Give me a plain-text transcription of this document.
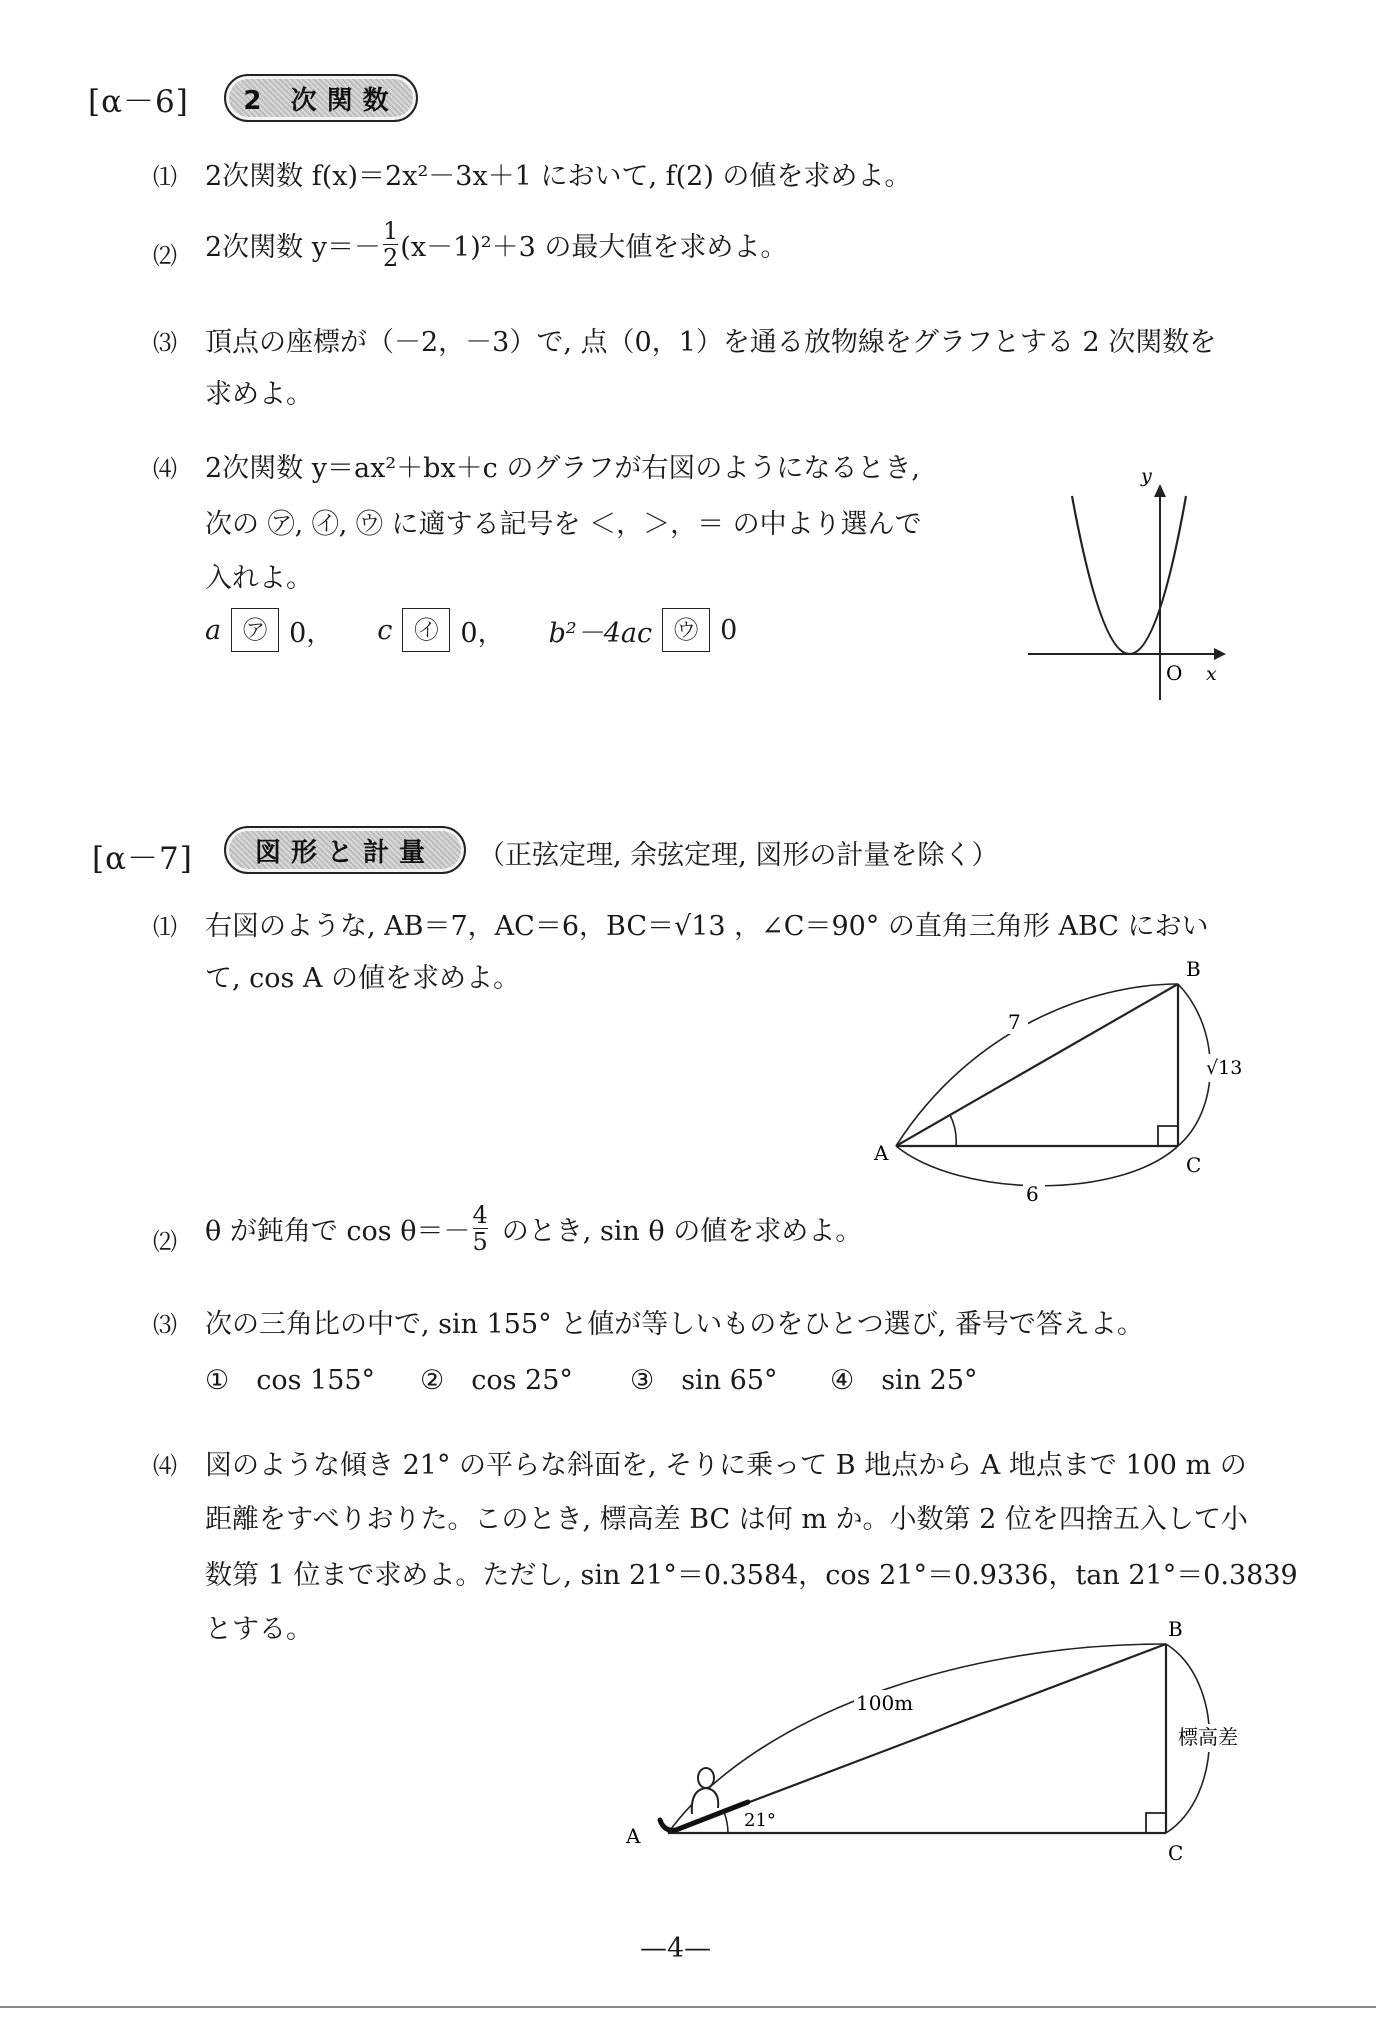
[α－6]	2 次関数
⑴ 2次関数 f(x)＝2x²－3x＋1 において, f(2) の値を求めよ。
⑵ 2次関数 $y=- \frac{1}{2} (x-1)^2+3$ の最大値を求めよ。
⑶ 頂点の座標が（－2，－3）で, 点（0，1）を通る放物線をグラフとする 2 次関数を
求めよ。
⑷ 2次関数 y＝ax²＋bx＋c のグラフが右図のようになるとき,
次の ㋐, ㋑, ㋒ に適する記号を ＜，＞，＝ の中より選んで
入れよ。
a ㋐ 0， c ㋑ 0， b²－4ac ㋒ 0
y
O x
[α－7]	図形と計量	（正弦定理, 余弦定理, 図形の計量を除く）
⑴ 右図のような, AB＝7，AC＝6，BC＝√13 ，∠C＝90° の直角三角形 ABC におい
て, cos A の値を求めよ。
7
6
√13
A
B
C
⑵ θ が鈍角で $\cos \theta=- \frac{4}{5}$ のとき, sin θ の値を求めよ。
⑶ 次の三角比の中で, sin 155° と値が等しいものをひとつ選び, 番号で答えよ。
①　cos 155° ②　cos 25° ③　sin 65° ④　sin 25°
⑷ 図のような傾き 21° の平らな斜面を, そりに乗って B 地点から A 地点まで 100 m の
距離をすべりおりた。このとき, 標高差 BC は何 m か。小数第 2 位を四捨五入して小
数第 1 位まで求めよ。ただし, sin 21°＝0.3584，cos 21°＝0.9336，tan 21°＝0.3839
とする。
100m
21°
標高差
A
B
C
—4—
